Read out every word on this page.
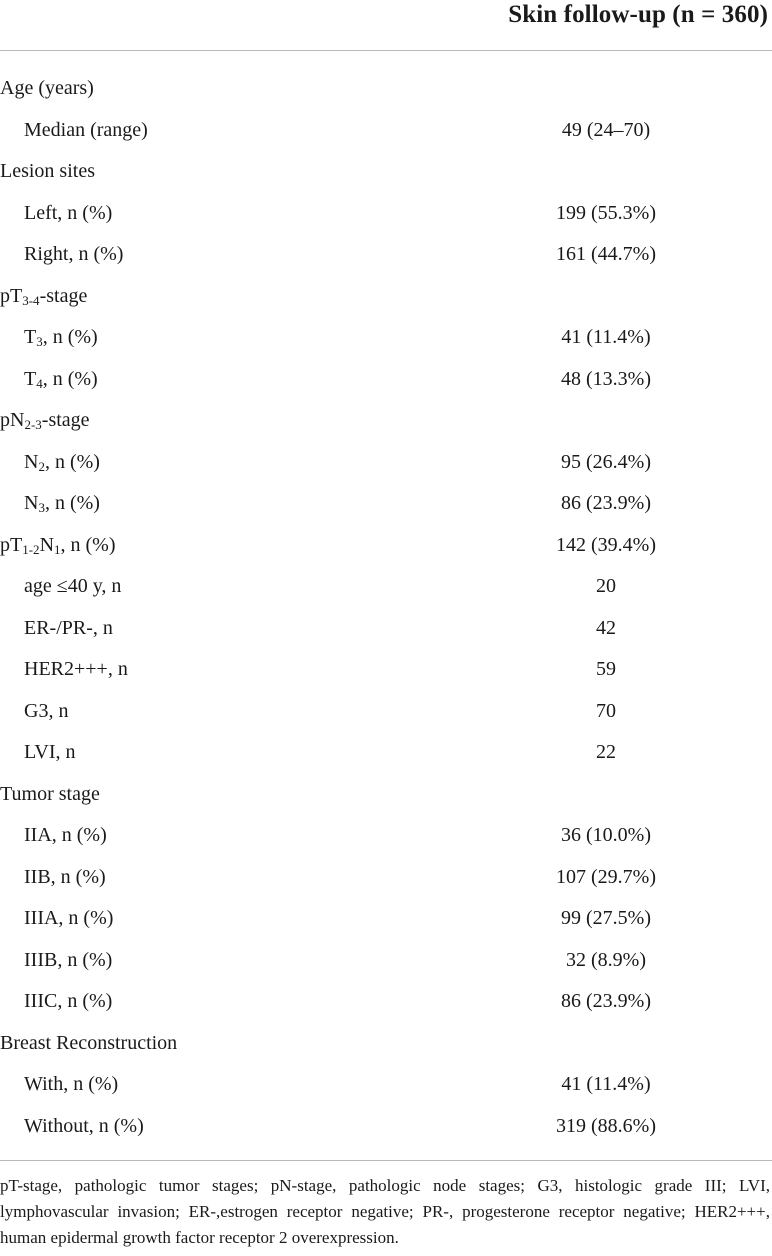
Skin follow-up (n = 360)
Age (years)
Median (range)	49 (24–70)
Lesion sites
Left, n (%)	199 (55.3%)
Right, n (%)	161 (44.7%)
$pT_{3-4}$-stage
$T_3$, n (%)	41 (11.4%)
$T_4$, n (%)	48 (13.3%)
$pN_{2-3}$-stage
$N_2$, n (%)	95 (26.4%)
$N_3$, n (%)	86 (23.9%)
$pT_{1-2}N_1$, n (%)	142 (39.4%)
age ≤40 y, n	20
ER-/PR-, n	42
HER2+++, n	59
G3, n	70
LVI, n	22
Tumor stage
IIA, n (%)	36 (10.0%)
IIB, n (%)	107 (29.7%)
IIIA, n (%)	99 (27.5%)
IIIB, n (%)	32 (8.9%)
IIIC, n (%)	86 (23.9%)
Breast Reconstruction
With, n (%)	41 (11.4%)
Without, n (%)	319 (88.6%)
pT-stage, pathologic tumor stages; pN-stage, pathologic node stages; G3, histologic grade III; LVI, lymphovascular invasion; ER-,estrogen receptor negative; PR-, progesterone receptor negative; HER2+++, human epidermal growth factor receptor 2 overexpression.
